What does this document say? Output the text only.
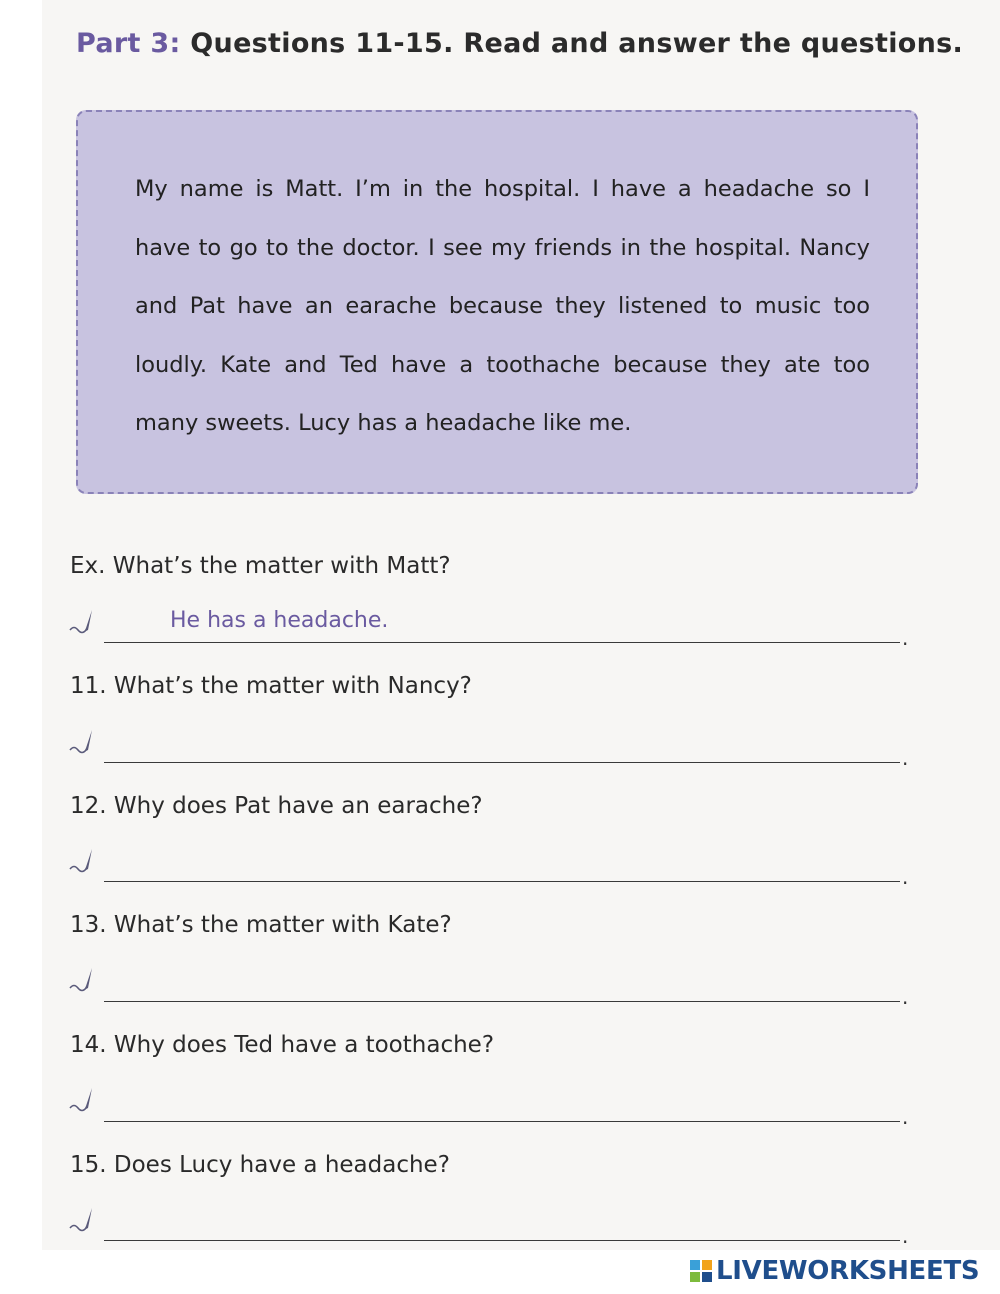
Part 3: Questions 11-15. Read and answer the questions.
My name is Matt. I’m in the hospital. I have a headache so I have to go to the doctor. I see my friends in the hospital. Nancy and Pat have an earache because they listened to music too loudly. Kate and Ted have a toothache because they ate too many sweets. Lucy has a headache like me.
Ex. What’s the matter with Matt?
He has a headache.
.
11. What’s the matter with Nancy?
.
12. Why does Pat have an earache?
.
13. What’s the matter with Kate?
.
14. Why does Ted have a toothache?
.
15. Does Lucy have a headache?
.
LIVEWORKSHEETS
